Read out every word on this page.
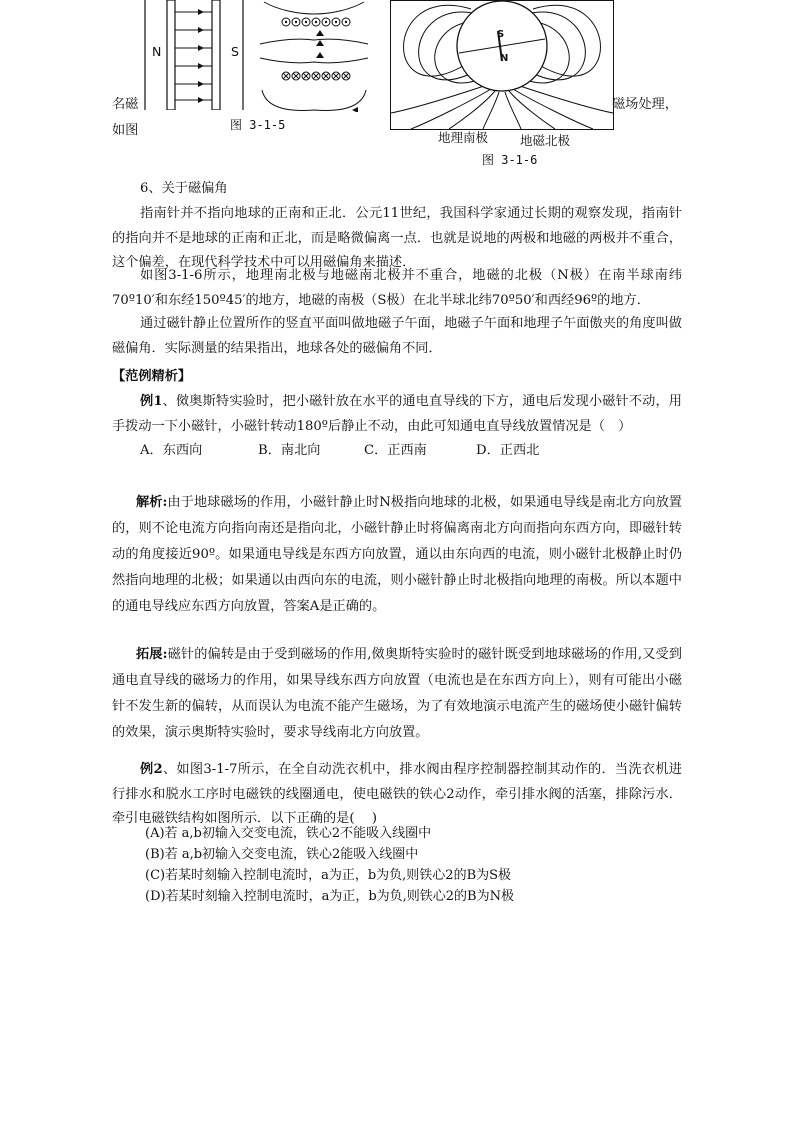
N	S
图 3-1-5
S
N
地理南极	地磁北极
图 3-1-6
名磁
如图
磁场处理，
6、关于磁偏角
指南针并不指向地球的正南和正北．公元11世纪，我国科学家通过长期的观察发现，指南针的指向并不是地球的正南和正北，而是略微偏离一点．也就是说地的两极和地磁的两极并不重合，这个偏差，在现代科学技术中可以用磁偏角来描述．
如图3-1-6所示，地理南北极与地磁南北极并不重合，地磁的北极（N极）在南半球南纬70º10′和东经150º45′的地方，地磁的南极（S极）在北半球北纬70º50′和西经96º的地方．
通过磁针静止位置所作的竖直平面叫做地磁子午面，地磁子午面和地理子午面傲夹的角度叫做磁偏角．实际测量的结果指出，地球各处的磁偏角不同．
【范例精析】
例1、傚奥斯特实验时，把小磁针放在水平的通电直导线的下方，通电后发现小磁针不动，用手拨动一下小磁针，小磁针转动180º后静止不动，由此可知通电直导线放置情况是（　）
A．东西向	B．南北向	C．正西南	D．正西北
解析:由于地球磁场的作用，小磁针静止时N极指向地球的北极，如果通电导线是南北方向放置的，则不论电流方向指向南还是指向北，小磁针静止时将偏离南北方向而指向东西方向，即磁针转动的角度接近90º。如果通电导线是东西方向放置，通以由东向西的电流，则小磁针北极静止时仍然指向地理的北极；如果通以由西向东的电流，则小磁针静止时北极指向地理的南极。所以本题中的通电导线应东西方向放置，答案A是正确的。
拓展:磁针的偏转是由于受到磁场的作用,傚奥斯特实验时的磁针既受到地球磁场的作用,又受到通电直导线的磁场力的作用，如果导线东西方向放置（电流也是在东西方向上），则有可能出小磁针不发生新的偏转，从而误认为电流不能产生磁场，为了有效地演示电流产生的磁场使小磁针偏转的效果，演示奥斯特实验时，要求导线南北方向放置。
例2、如图3-1-7所示，在全自动洗衣机中，排水阀由程序控制器控制其动作的．当洗衣机进行排水和脱水工序时电磁铁的线圈通电，使电磁铁的铁心2动作，牵引排水阀的活塞，排除污水．牵引电磁铁结构如图所示．以下正确的是(　 )
(A)若 a,b初输入交变电流，铁心2不能吸入线圈中
(B)若 a,b初输入交变电流，铁心2能吸入线圈中
(C)若某时刻输入控制电流时，a为正，b为负,则铁心2的B为S极
(D)若某时刻输入控制电流时，a为正，b为负,则铁心2的B为N极
